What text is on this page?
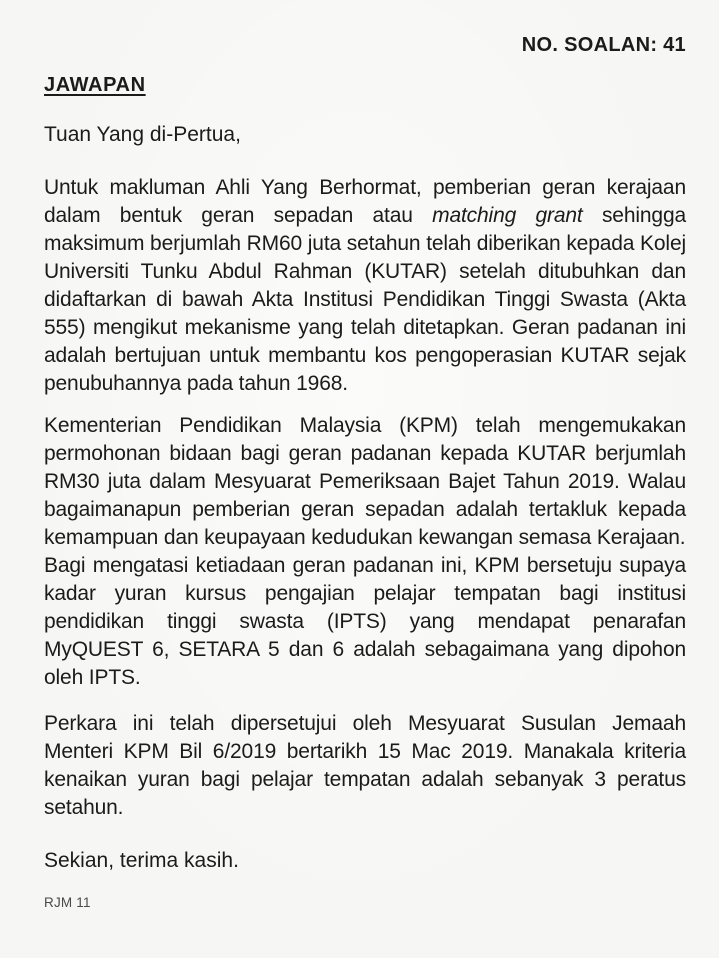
NO. SOALAN: 41
JAWAPAN
Tuan Yang di-Pertua,

Untuk makluman Ahli Yang Berhormat, pemberian geran kerajaan dalam bentuk geran sepadan atau matching grant sehingga maksimum berjumlah RM60 juta setahun telah diberikan kepada Kolej Universiti Tunku Abdul Rahman (KUTAR) setelah ditubuhkan dan didaftarkan di bawah Akta Institusi Pendidikan Tinggi Swasta (Akta 555) mengikut mekanisme yang telah ditetapkan. Geran padanan ini adalah bertujuan untuk membantu kos pengoperasian KUTAR sejak penubuhannya pada tahun 1968.

Kementerian Pendidikan Malaysia (KPM) telah mengemukakan permohonan bidaan bagi geran padanan kepada KUTAR berjumlah RM30 juta dalam Mesyuarat Pemeriksaan Bajet Tahun 2019. Walau bagaimanapun pemberian geran sepadan adalah tertakluk kepada kemampuan dan keupayaan kedudukan kewangan semasa Kerajaan.

Bagi mengatasi ketiadaan geran padanan ini, KPM bersetuju supaya kadar yuran kursus pengajian pelajar tempatan bagi institusi pendidikan tinggi swasta (IPTS) yang mendapat penarafan MyQUEST 6, SETARA 5 dan 6 adalah sebagaimana yang dipohon oleh IPTS.

Perkara ini telah dipersetujui oleh Mesyuarat Susulan Jemaah Menteri KPM Bil 6/2019 bertarikh 15 Mac 2019. Manakala kriteria kenaikan yuran bagi pelajar tempatan adalah sebanyak 3 peratus setahun.

Sekian, terima kasih.
RJM 11
